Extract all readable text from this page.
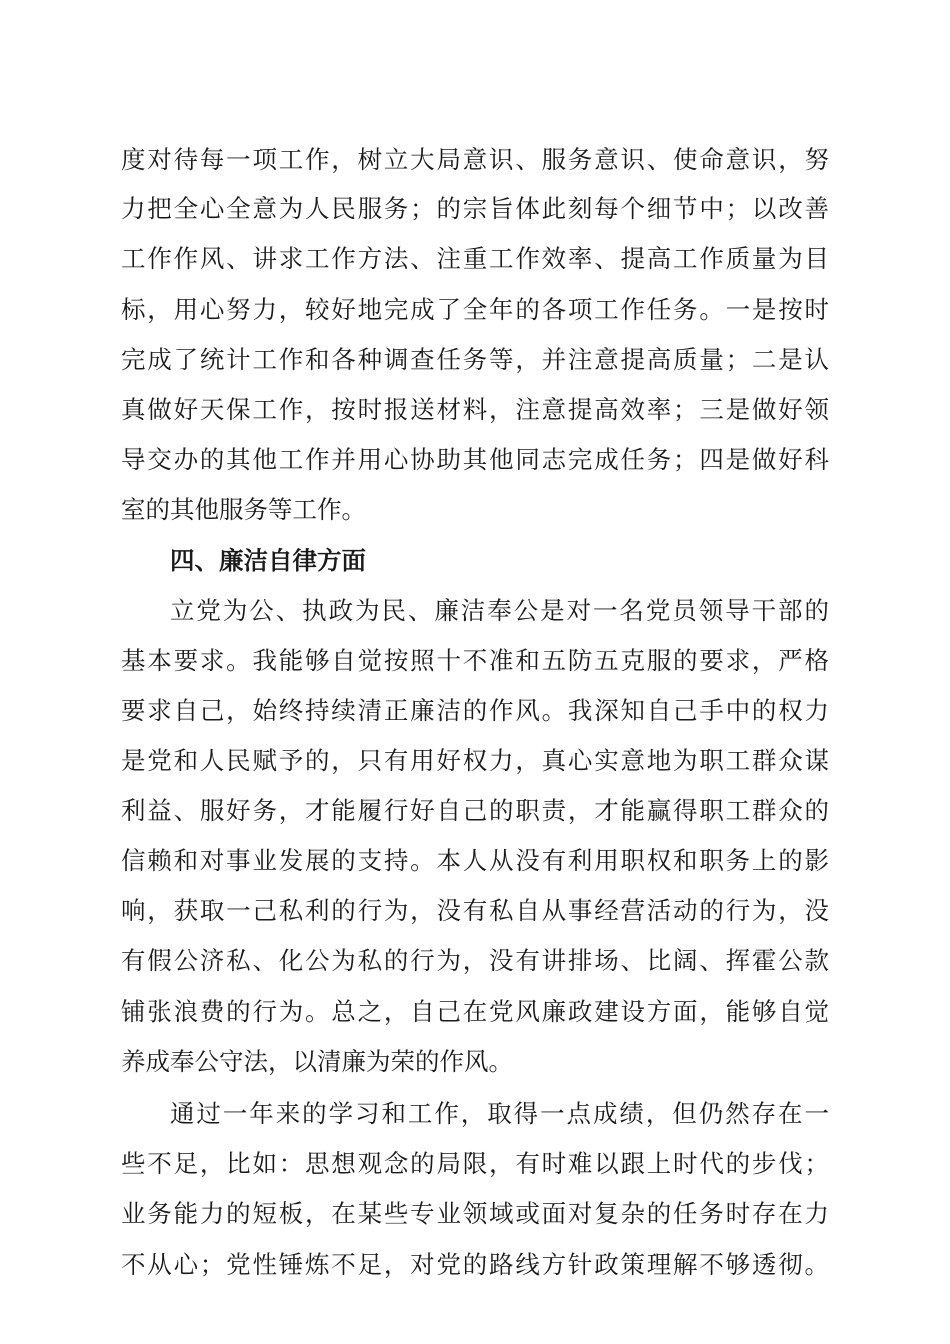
度对待每一项工作，树立大局意识、服务意识、使命意识，努
力把全心全意为人民服务；的宗旨体此刻每个细节中；以改善
工作作风、讲求工作方法、注重工作效率、提高工作质量为目
标，用心努力，较好地完成了全年的各项工作任务。一是按时
完成了统计工作和各种调查任务等，并注意提高质量；二是认
真做好天保工作，按时报送材料，注意提高效率；三是做好领
导交办的其他工作并用心协助其他同志完成任务；四是做好科
室的其他服务等工作。
四、廉洁自律方面
立党为公、执政为民、廉洁奉公是对一名党员领导干部的
基本要求。我能够自觉按照十不准和五防五克服的要求，严格
要求自己，始终持续清正廉洁的作风。我深知自己手中的权力
是党和人民赋予的，只有用好权力，真心实意地为职工群众谋
利益、服好务，才能履行好自己的职责，才能赢得职工群众的
信赖和对事业发展的支持。本人从没有利用职权和职务上的影
响，获取一己私利的行为，没有私自从事经营活动的行为，没
有假公济私、化公为私的行为，没有讲排场、比阔、挥霍公款
铺张浪费的行为。总之，自己在党风廉政建设方面，能够自觉
养成奉公守法，以清廉为荣的作风。
通过一年来的学习和工作，取得一点成绩，但仍然存在一
些不足，比如：思想观念的局限，有时难以跟上时代的步伐；
业务能力的短板，在某些专业领域或面对复杂的任务时存在力
不从心；党性锤炼不足，对党的路线方针政策理解不够透彻。
